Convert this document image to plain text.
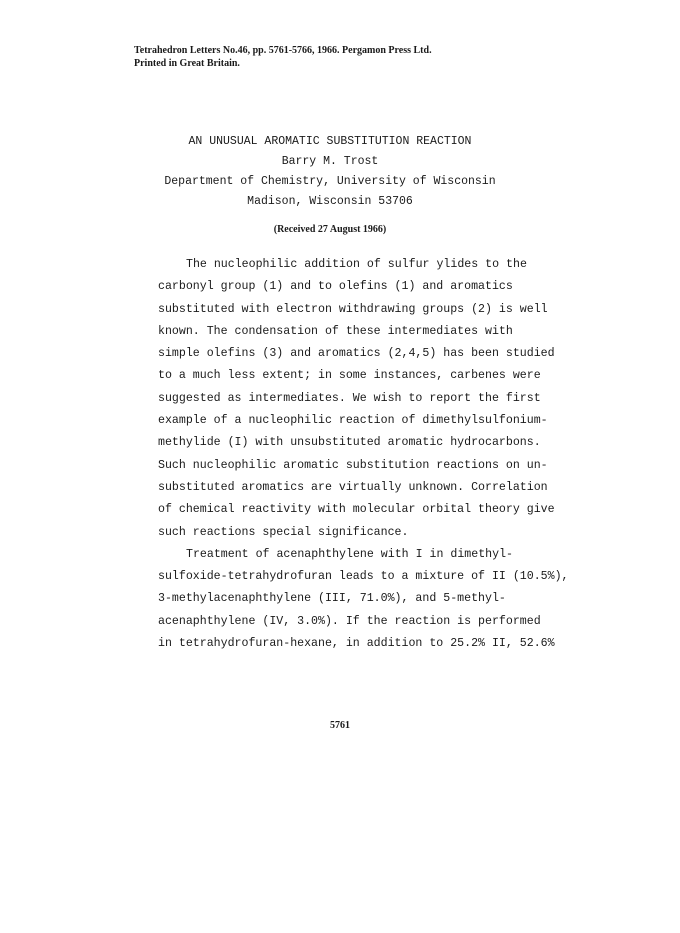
Tetrahedron Letters No.46, pp. 5761-5766, 1966. Pergamon Press Ltd.
Printed in Great Britain.
AN UNUSUAL AROMATIC SUBSTITUTION REACTION
Barry M. Trost
Department of Chemistry, University of Wisconsin
Madison, Wisconsin 53706
(Received 27 August 1966)
The nucleophilic addition of sulfur ylides to the
carbonyl group (1) and to olefins (1) and aromatics
substituted with electron withdrawing groups (2) is well
known. The condensation of these intermediates with
simple olefins (3) and aromatics (2,4,5) has been studied
to a much less extent; in some instances, carbenes were
suggested as intermediates. We wish to report the first
example of a nucleophilic reaction of dimethylsulfonium-
methylide (I) with unsubstituted aromatic hydrocarbons.
Such nucleophilic aromatic substitution reactions on un-
substituted aromatics are virtually unknown. Correlation
of chemical reactivity with molecular orbital theory give
such reactions special significance.
Treatment of acenaphthylene with I in dimethyl-
sulfoxide-tetrahydrofuran leads to a mixture of II (10.5%),
3-methylacenaphthylene (III, 71.0%), and 5-methyl-
acenaphthylene (IV, 3.0%). If the reaction is performed
in tetrahydrofuran-hexane, in addition to 25.2% II, 52.6%
5761
